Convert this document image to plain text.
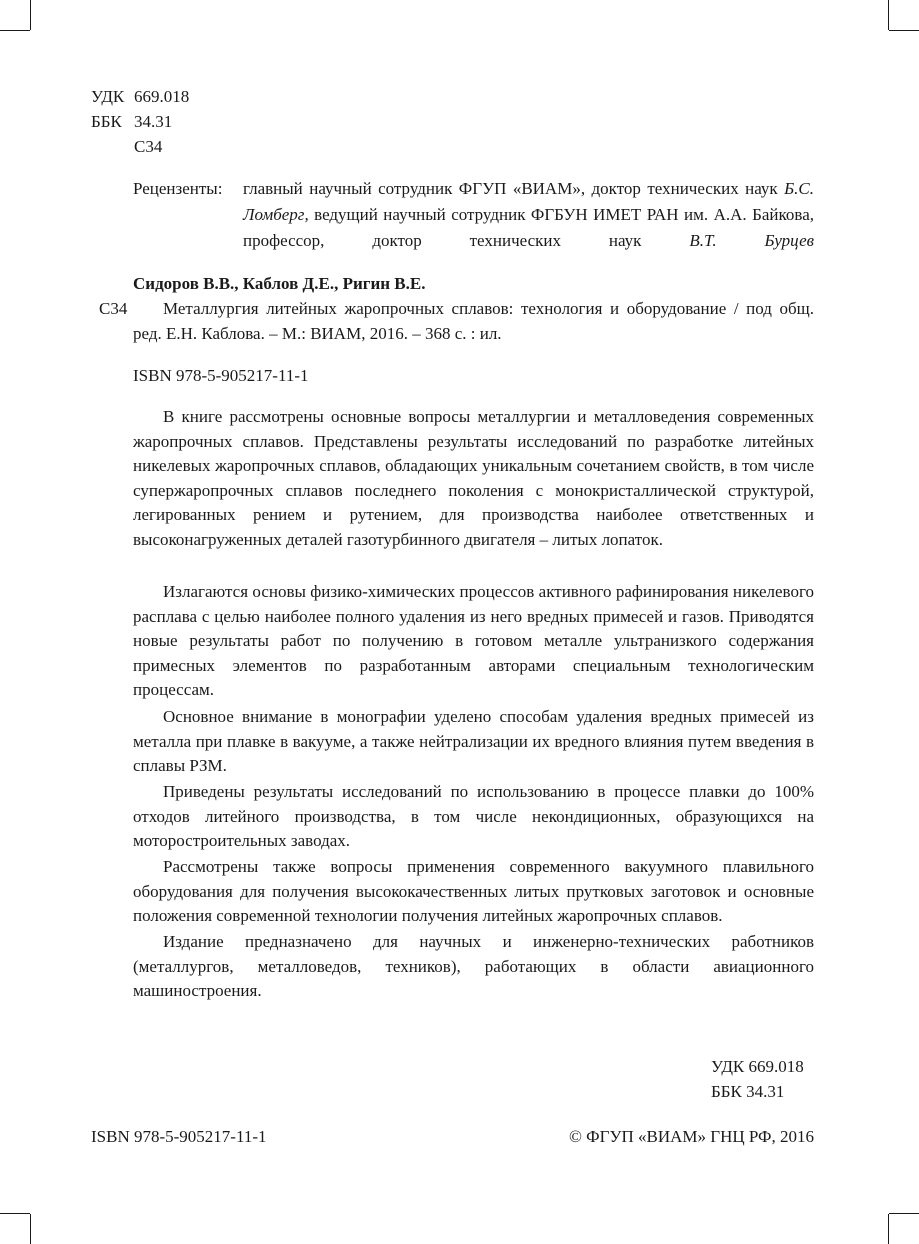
УДК 669.018
ББК 34.31
С34
Рецензенты: главный научный сотрудник ФГУП «ВИАМ», доктор технических наук Б.С. Ломберг, ведущий научный сотрудник ФГБУН ИМЕТ РАН им. А.А. Байкова, профессор, доктор технических наук В.Т. Бурцев

Сидоров В.В., Каблов Д.Е., Ригин В.Е.
С34	Металлургия литейных жаропрочных сплавов: технология и оборудование / под общ. ред. Е.Н. Каблова. – М.: ВИАМ, 2016. – 368 с. : ил.

ISBN 978-5-905217-11-1

В книге рассмотрены основные вопросы металлургии и металловедения современных жаропрочных сплавов. Представлены результаты исследований по разработке литейных никелевых жаропрочных сплавов, обладающих уникальным сочетанием свойств, в том числе супержаропрочных сплавов последнего поколения с монокристаллической структурой, легированных рением и рутением, для производства наиболее ответственных и высоконагруженных деталей газотурбинного двигателя – литых лопаток.

Излагаются основы физико-химических процессов активного рафинирования никелевого расплава с целью наиболее полного удаления из него вредных примесей и газов. Приводятся новые результаты работ по получению в готовом металле ультранизкого содержания примесных элементов по разработанным авторами специальным технологическим процессам.

Основное внимание в монографии уделено способам удаления вредных примесей из металла при плавке в вакууме, а также нейтрализации их вредного влияния путем введения в сплавы РЗМ.

Приведены результаты исследований по использованию в процессе плавки до 100% отходов литейного производства, в том числе некондиционных, образующихся на моторостроительных заводах.

Рассмотрены также вопросы применения современного вакуумного плавильного оборудования для получения высококачественных литых прутковых заготовок и основные положения современной технологии получения литейных жаропрочных сплавов.

Издание предназначено для научных и инженерно-технических работников (металлургов, металловедов, техников), работающих в области авиационного машиностроения.

УДК 669.018
ББК 34.31
ISBN 978-5-905217-11-1	© ФГУП «ВИАМ» ГНЦ РФ, 2016
